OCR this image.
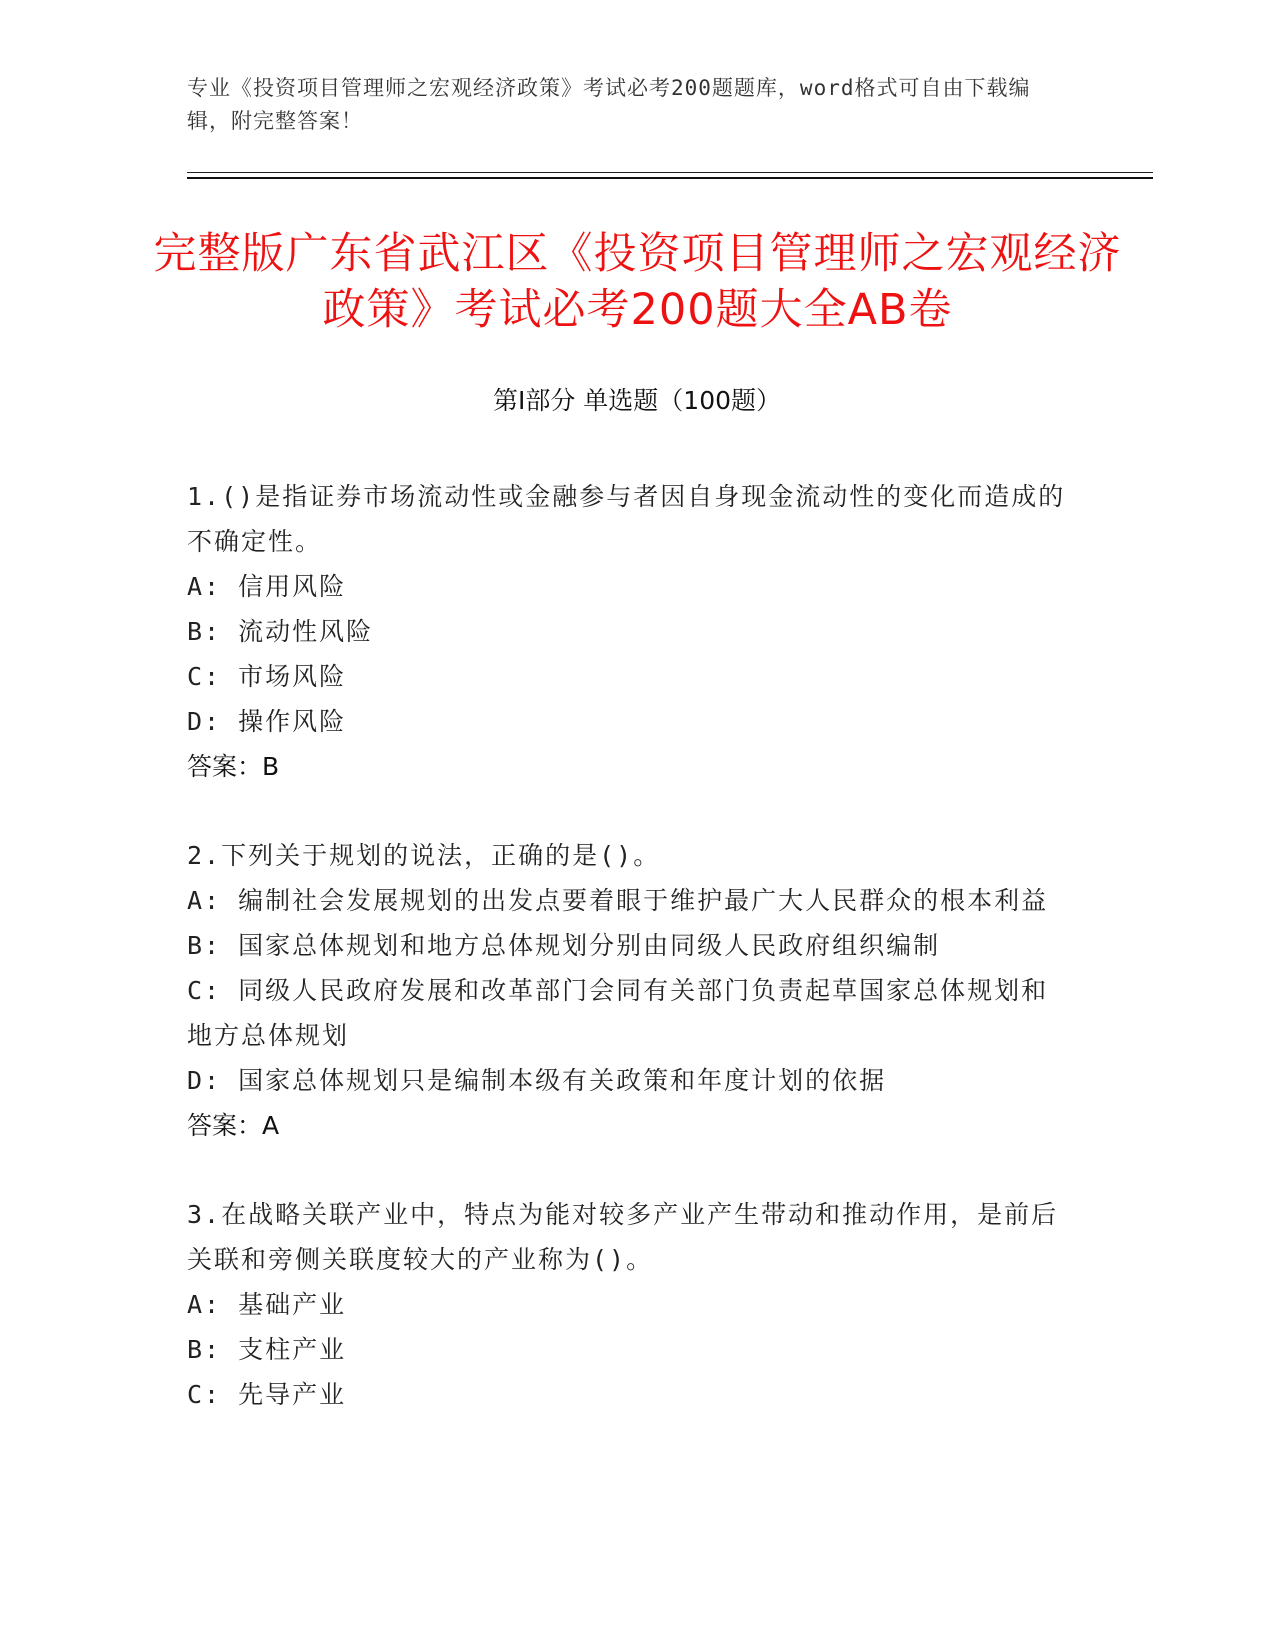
专业《投资项目管理师之宏观经济政策》考试必考200题题库，word格式可自由下载编辑，附完整答案！
完整版广东省武江区《投资项目管理师之宏观经济政策》考试必考200题大全AB卷
第I部分 单选题（100题）

1.()是指证券市场流动性或金融参与者因自身现金流动性的变化而造成的不确定性。

A: 信用风险

B: 流动性风险

C: 市场风险

D: 操作风险

答案：B

2.下列关于规划的说法，正确的是()。

A: 编制社会发展规划的出发点要着眼于维护最广大人民群众的根本利益

B: 国家总体规划和地方总体规划分别由同级人民政府组织编制

C: 同级人民政府发展和改革部门会同有关部门负责起草国家总体规划和地方总体规划

D: 国家总体规划只是编制本级有关政策和年度计划的依据

答案：A

3.在战略关联产业中，特点为能对较多产业产生带动和推动作用，是前后关联和旁侧关联度较大的产业称为()。

A: 基础产业

B: 支柱产业

C: 先导产业
